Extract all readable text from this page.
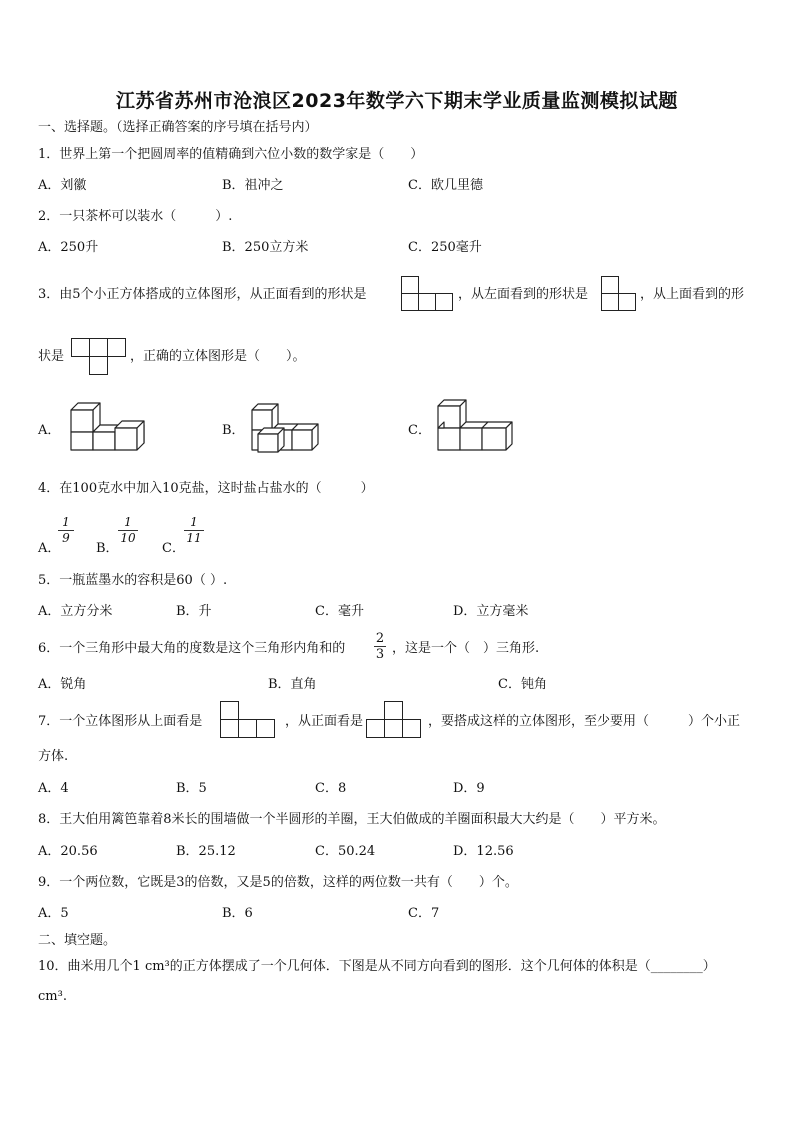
江苏省苏州市沧浪区2023年数学六下期末学业质量监测模拟试题
一、选择题。（选择正确答案的序号填在括号内）
1．世界上第一个把圆周率的值精确到六位小数的数学家是（　　）
A．刘徽	B．祖冲之	C．欧几里德
2．一只茶杯可以装水（　　　）.
A．250升	B．250立方米	C．250毫升
3．由5个小正方体搭成的立体图形，从正面看到的形状是	，从左面看到的形状是	，从上面看到的形
状是	，正确的立体图形是（　　）。
A．	B．	C．
4．在100克水中加入10克盐，这时盐占盐水的（　　　）
A．
1
9
B．
1
10
C．
1
11
5．一瓶蓝墨水的容积是60（ ）.
A．立方分米	B．升	C．毫升	D．立方毫米
6．一个三角形中最大角的度数是这个三角形内角和的
2
3 ，这是一个（　）三角形.
A．锐角	B．直角	C．钝角
7．一个立体图形从上面看是	，从正面看是	，要搭成这样的立体图形，至少要用（　　　）个小正
方体.
A．4	B．5	C．8	D．9
8．王大伯用篱笆靠着8米长的围墙做一个半圆形的羊圈，王大伯做成的羊圈面积最大大约是（　　）平方米。
A．20.56	B．25.12	C．50.24	D．12.56
9．一个两位数，它既是3的倍数，又是5的倍数，这样的两位数一共有（　　）个。
A．5	B．6	C．7
二、填空题。
10．曲米用几个1 cm³的正方体摆成了一个几何体．下图是从不同方向看到的图形．这个几何体的体积是（________）
cm³.
